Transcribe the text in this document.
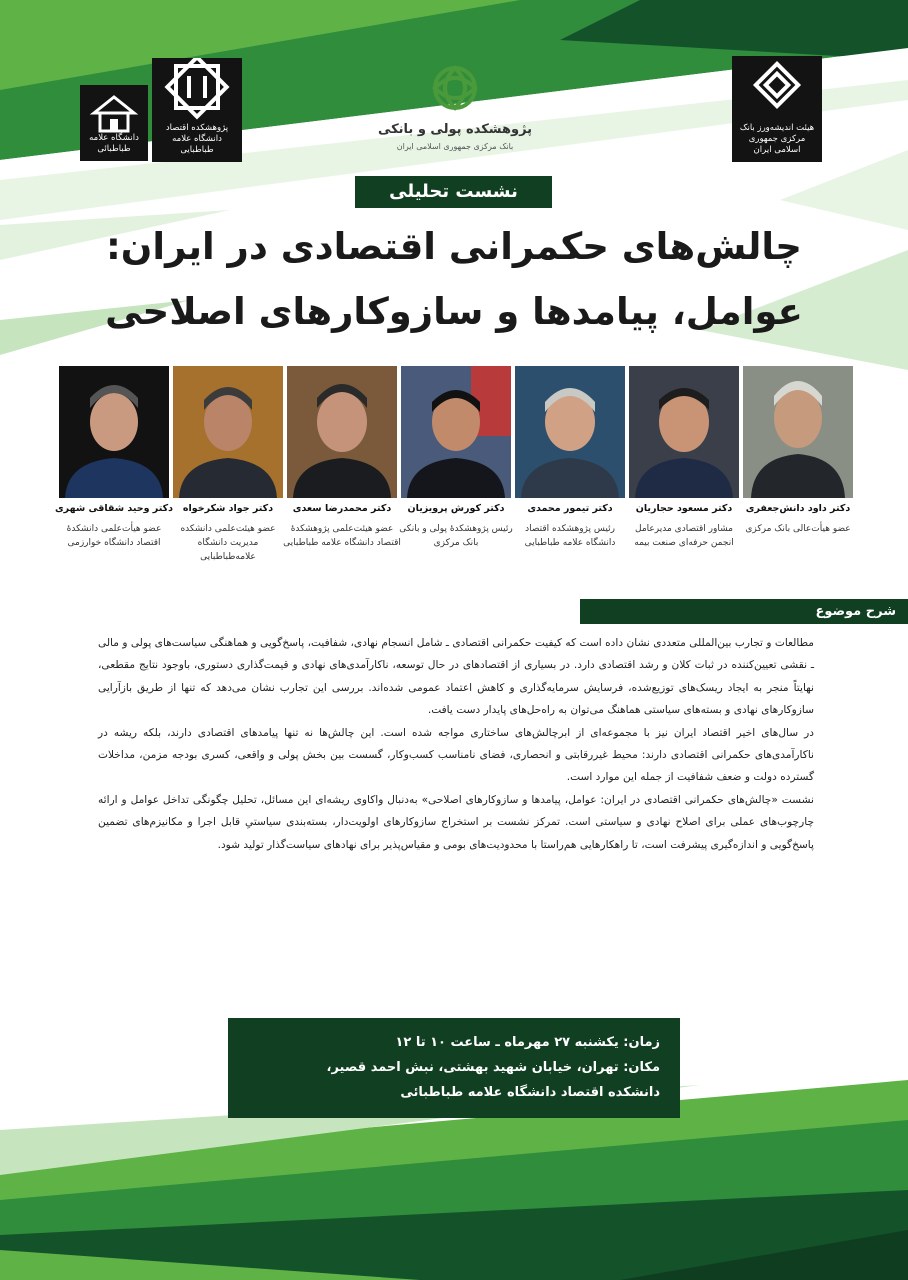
دانشگاه علامه طباطبائی
پژوهشکده اقتصاد دانشگاه علامه طباطبایی
پژوهشکده پولی و بانکی
بانک مرکزی جمهوری اسلامی ایران
هیئت اندیشه‌ورز بانک مرکزی جمهوری اسلامی ایران
نشست تحلیلی
چالش‌های حکمرانی اقتصادی در ایران:
عوامل، پیامدها و سازوکارهای اصلاحی
دکتر داود دانش‌جعفری
عضو هیأت‌عالی بانک مرکزی
دکتر مسعود حجاریان
مشاور اقتصادی مدیرعامل انجمن حرفه‌ای صنعت بیمه
دکتر تیمور محمدی
رئیس پژوهشکده اقتصاد دانشگاه علامه طباطبایی
دکتر کورش پرویزیان
رئیس پژوهشکدهٔ پولی و بانکی بانک مرکزی
دکتر محمدرضا سعدی
عضو هیئت‌علمی پژوهشکدهٔ اقتصاد دانشگاه علامه طباطبایی
دکتر جواد شکرخواه
عضو هیئت‌علمی دانشکده مدیریت دانشگاه علامه‌طباطبایی
دکتر وحید شقاقی شهری
عضو هیأت‌علمی دانشکدهٔ اقتصاد دانشگاه خوارزمی
شرح موضوع

مطالعات و تجارب بین‌المللی متعددی نشان داده است که کیفیت حکمرانی اقتصادی ـ شامل انسجام نهادی، شفافیت، پاسخ‌گویی و هماهنگی سیاست‌های پولی و مالی ـ نقشی تعیین‌کننده در ثبات کلان و رشد اقتصادی دارد. در بسیاری از اقتصادهای در حال توسعه، ناکارآمدی‌های نهادی و قیمت‌گذاری دستوری، باوجود نتایج مقطعی، نهایتاً منجر به ایجاد ریسک‌های توزیع‌شده، فرسایش سرمایه‌گذاری و کاهش اعتماد عمومی شده‌اند. بررسی این تجارب نشان می‌دهد که تنها از طریق بازآرایی سازوکارهای نهادی و بسته‌های سیاستی هماهنگ می‌توان به راه‌حل‌های پایدار دست یافت.

در سال‌های اخیر اقتصاد ایران نیز با مجموعه‌ای از ابرچالش‌های ساختاری مواجه شده است. این چالش‌ها نه تنها پیامدهای اقتصادی دارند، بلکه ریشه در ناکارآمدی‌های حکمرانی اقتصادی دارند: محیط غیررقابتی و انحصاری، فضای نامناسب کسب‌وکار، گسست بین بخش پولی و واقعی، کسری بودجه مزمن، مداخلات گسترده دولت و ضعف شفافیت از جمله این موارد است.

نشست «چالش‌های حکمرانی اقتصادی در ایران: عوامل، پیامدها و سازوکارهای اصلاحی» به‌دنبال واکاوی ریشه‌ای این مسائل، تحلیل چگونگی تداخل عوامل و ارائه چارچوب‌های عملی برای اصلاح نهادی و سیاستی است. تمرکز نشست بر استخراج سازوکارهای اولویت‌دار، بسته‌بندی سیاستیِ قابل اجرا و مکانیزم‌های تضمین پاسخ‌گویی و اندازه‌گیری پیشرفت است، تا راهکارهایی هم‌راستا با محدودیت‌های بومی و مقیاس‌پذیر برای نهادهای سیاست‌گذار تولید شود.

زمان: یکشنبه ۲۷ مهرماه ـ ساعت ۱۰ تا ۱۲
مکان: تهران، خیابان شهید بهشتی، نبش احمد قصیر،
دانشکده اقتصاد دانشگاه علامه طباطبائی
